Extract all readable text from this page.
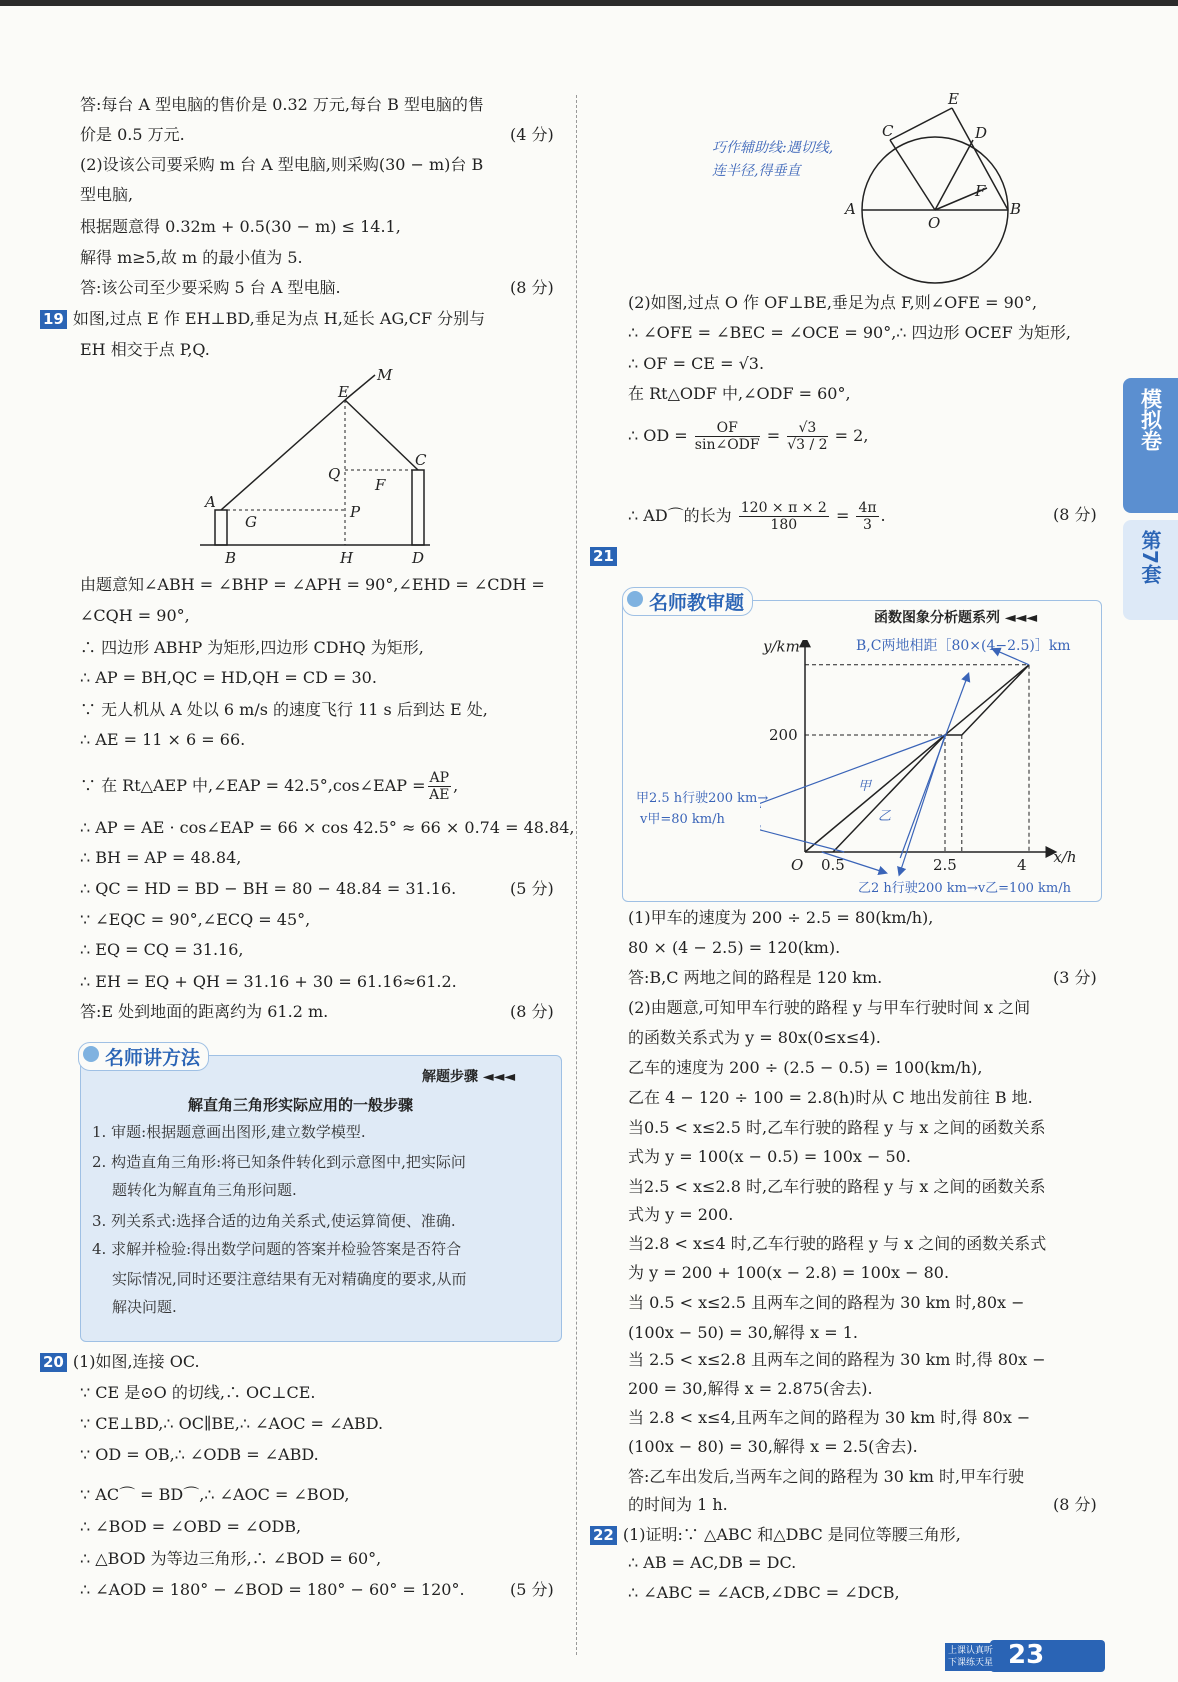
答:每台 A 型电脑的售价是 0.32 万元,每台 B 型电脑的售
价是 0.5 万元.	(4 分)
(2)设该公司要采购 m 台 A 型电脑,则采购(30 − m)台 B
型电脑,
根据题意得 0.32m + 0.5(30 − m) ≤ 14.1,
解得 m≥5,故 m 的最小值为 5.
答:该公司至少要采购 5 台 A 型电脑.	(8 分)
19 如图,过点 E 作 EH⊥BD,垂足为点 H,延长 AG,CF 分别与
EH 相交于点 P,Q.
E
M
Q
C
F
A
G
P
B	H	D
由题意知∠ABH = ∠BHP = ∠APH = 90°,∠EHD = ∠CDH =
∠CQH = 90°,
∴ 四边形 ABHP 为矩形,四边形 CDHQ 为矩形,
∴ AP = BH,QC = HD,QH = CD = 30.
∵ 无人机从 A 处以 6 m/s 的速度飞行 11 s 后到达 E 处,
∴ AE = 11 × 6 = 66.
∵ 在 Rt△AEP 中,∠EAP = 42.5°,cos∠EAP = $\frac{AP}{AE}$ ,
∴ AP = AE · cos∠EAP = 66 × cos 42.5° ≈ 66 × 0.74 = 48.84,
∴ BH = AP = 48.84,
∴ QC = HD = BD − BH = 80 − 48.84 = 31.16.	(5 分)
∵ ∠EQC = 90°,∠ECQ = 45°,
∴ EQ = CQ = 31.16,
∴ EH = EQ + QH = 31.16 + 30 = 61.16≈61.2.
答:E 处到地面的距离约为 61.2 m.	(8 分)
名师讲方法
解题步骤 ◄◄◄
解直角三角形实际应用的一般步骤
1. 审题:根据题意画出图形,建立数学模型.
2. 构造直角三角形:将已知条件转化到示意图中,把实际问
题转化为解直角三角形问题.
3. 列关系式:选择合适的边角关系式,使运算简便、准确.
4. 求解并检验:得出数学问题的答案并检验答案是否符合
实际情况,同时还要注意结果有无对精确度的要求,从而
解决问题.
20 (1)如图,连接 OC.
∵ CE 是⊙O 的切线,∴ OC⊥CE.
∵ CE⊥BD,∴ OC∥BE,∴ ∠AOC = ∠ABD.
∵ OD = OB,∴ ∠ODB = ∠ABD.
∵ AC⌒ = BD⌒,∴ ∠AOC = ∠BOD,
∴ ∠BOD = ∠OBD = ∠ODB,
∴ △BOD 为等边三角形,∴ ∠BOD = 60°,
∴ ∠AOD = 180° − ∠BOD = 180° − 60° = 120°.	(5 分)
E
C	D
F
A
O
B
巧作辅助线:遇切线,
连半径,得垂直
(2)如图,过点 O 作 OF⊥BE,垂足为点 F,则∠OFE = 90°,
∴ ∠OFE = ∠BEC = ∠OCE = 90°,∴ 四边形 OCEF 为矩形,
∴ OF = CE = √3.
在 Rt△ODF 中,∠ODF = 60°,
∴ OD = $\frac{OF}{\text{sin∠ODF}} = \frac{√3}{√3 / 2} = 2$,
∴ AD⌒的长为 $\frac{120 \times \pi \times 2}{180} = \frac{4\pi}{3}$ .	(8 分)
21
名师教审题
函数图象分析题系列 ◄◄◄
B,C两地相距［80×(4−2.5)］km
甲2.5 h行驶200 km→
v甲=80 km/h
乙2 h行驶200 km→v乙=100 km/h
x/h
y/km
O 0.5	2.5	4
200
甲
乙
(1)甲车的速度为 200 ÷ 2.5 = 80(km/h),
80 × (4 − 2.5) = 120(km).
答:B,C 两地之间的路程是 120 km.	(3 分)
(2)由题意,可知甲车行驶的路程 y 与甲车行驶时间 x 之间
的函数关系式为 y = 80x(0≤x≤4).
乙车的速度为 200 ÷ (2.5 − 0.5) = 100(km/h),
乙在 4 − 120 ÷ 100 = 2.8(h)时从 C 地出发前往 B 地.
当0.5 < x≤2.5 时,乙车行驶的路程 y 与 x 之间的函数关系
式为 y = 100(x − 0.5) = 100x − 50.
当2.5 < x≤2.8 时,乙车行驶的路程 y 与 x 之间的函数关系
式为 y = 200.
当2.8 < x≤4 时,乙车行驶的路程 y 与 x 之间的函数关系式
为 y = 200 + 100(x − 2.8) = 100x − 80.
当 0.5 < x≤2.5 且两车之间的路程为 30 km 时,80x −
(100x − 50) = 30,解得 x = 1.
当 2.5 < x≤2.8 且两车之间的路程为 30 km 时,得 80x −
200 = 30,解得 x = 2.875(舍去).
当 2.8 < x≤4,且两车之间的路程为 30 km 时,得 80x −
(100x − 80) = 30,解得 x = 2.5(舍去).
答:乙车出发后,当两车之间的路程为 30 km 时,甲车行驶
的时间为 1 h.	(8 分)
22 (1)证明:∵ △ABC 和△DBC 是同位等腰三角形,
∴ AB = AC,DB = DC.
∴ ∠ABC = ∠ACB,∠DBC = ∠DCB,
模拟卷
第7套
上课认真听
下课练天星 23
